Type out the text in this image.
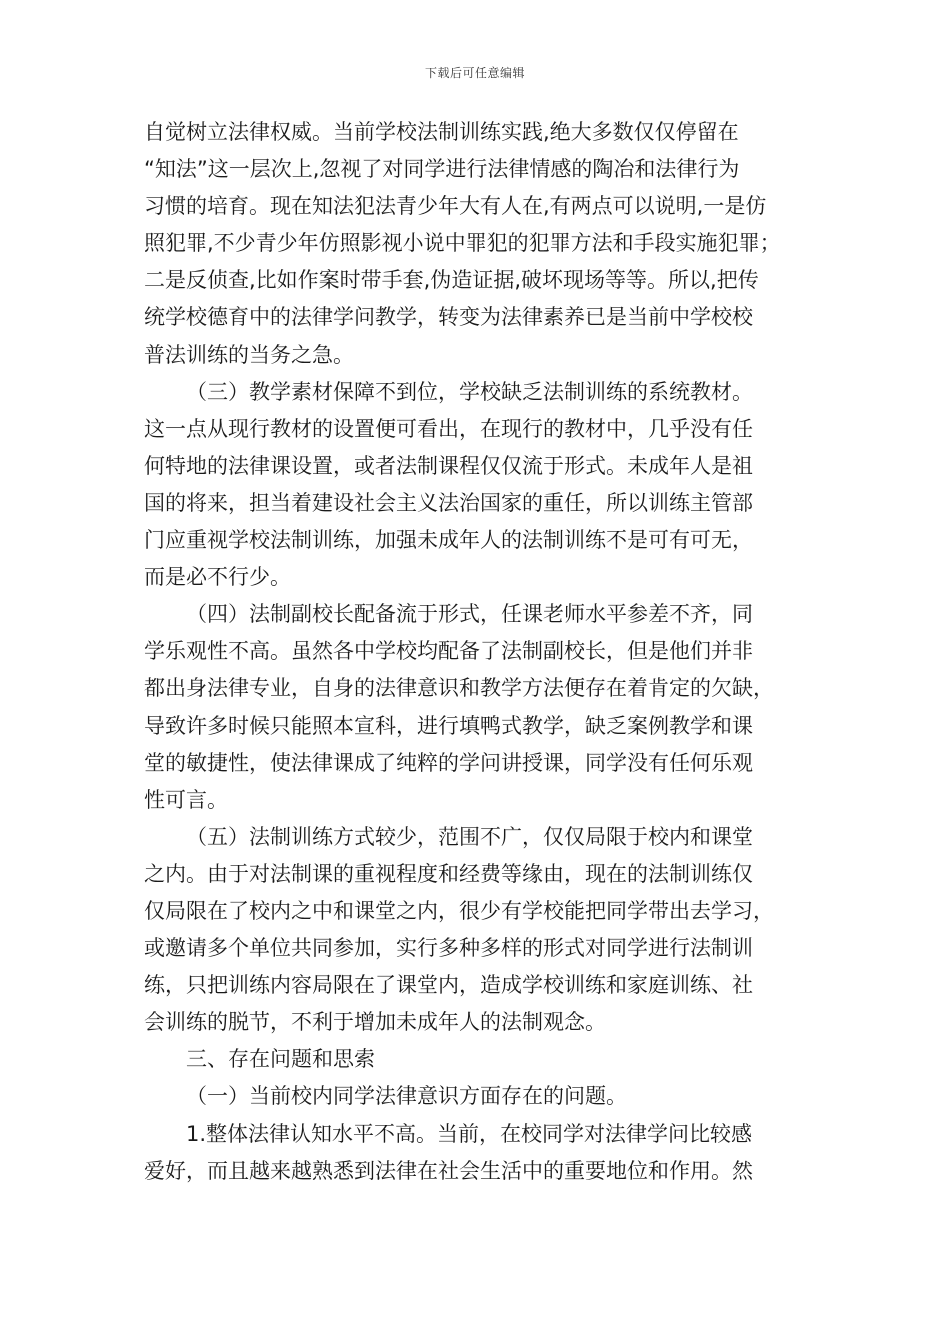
下载后可任意编辑
自觉树立法律权威。当前学校法制训练实践,绝大多数仅仅停留在
“知法”这一层次上,忽视了对同学进行法律情感的陶冶和法律行为
习惯的培育。现在知法犯法青少年大有人在,有两点可以说明,一是仿
照犯罪,不少青少年仿照影视小说中罪犯的犯罪方法和手段实施犯罪；
二是反侦查,比如作案时带手套,伪造证据,破坏现场等等。所以,把传
统学校德育中的法律学问教学，转变为法律素养已是当前中学校校
普法训练的当务之急。
（三）教学素材保障不到位，学校缺乏法制训练的系统教材。
这一点从现行教材的设置便可看出，在现行的教材中，几乎没有任
何特地的法律课设置，或者法制课程仅仅流于形式。未成年人是祖
国的将来，担当着建设社会主义法治国家的重任，所以训练主管部
门应重视学校法制训练，加强未成年人的法制训练不是可有可无，
而是必不行少。
（四）法制副校长配备流于形式，任课老师水平参差不齐，同
学乐观性不高。虽然各中学校均配备了法制副校长，但是他们并非
都出身法律专业，自身的法律意识和教学方法便存在着肯定的欠缺，
导致许多时候只能照本宣科，进行填鸭式教学，缺乏案例教学和课
堂的敏捷性，使法律课成了纯粹的学问讲授课，同学没有任何乐观
性可言。
（五）法制训练方式较少，范围不广，仅仅局限于校内和课堂
之内。由于对法制课的重视程度和经费等缘由，现在的法制训练仅
仅局限在了校内之中和课堂之内，很少有学校能把同学带出去学习，
或邀请多个单位共同参加，实行多种多样的形式对同学进行法制训
练，只把训练内容局限在了课堂内，造成学校训练和家庭训练、社
会训练的脱节，不利于增加未成年人的法制观念。
三、存在问题和思索
（一）当前校内同学法律意识方面存在的问题。
1.整体法律认知水平不高。当前，在校同学对法律学问比较感
爱好，而且越来越熟悉到法律在社会生活中的重要地位和作用。然
